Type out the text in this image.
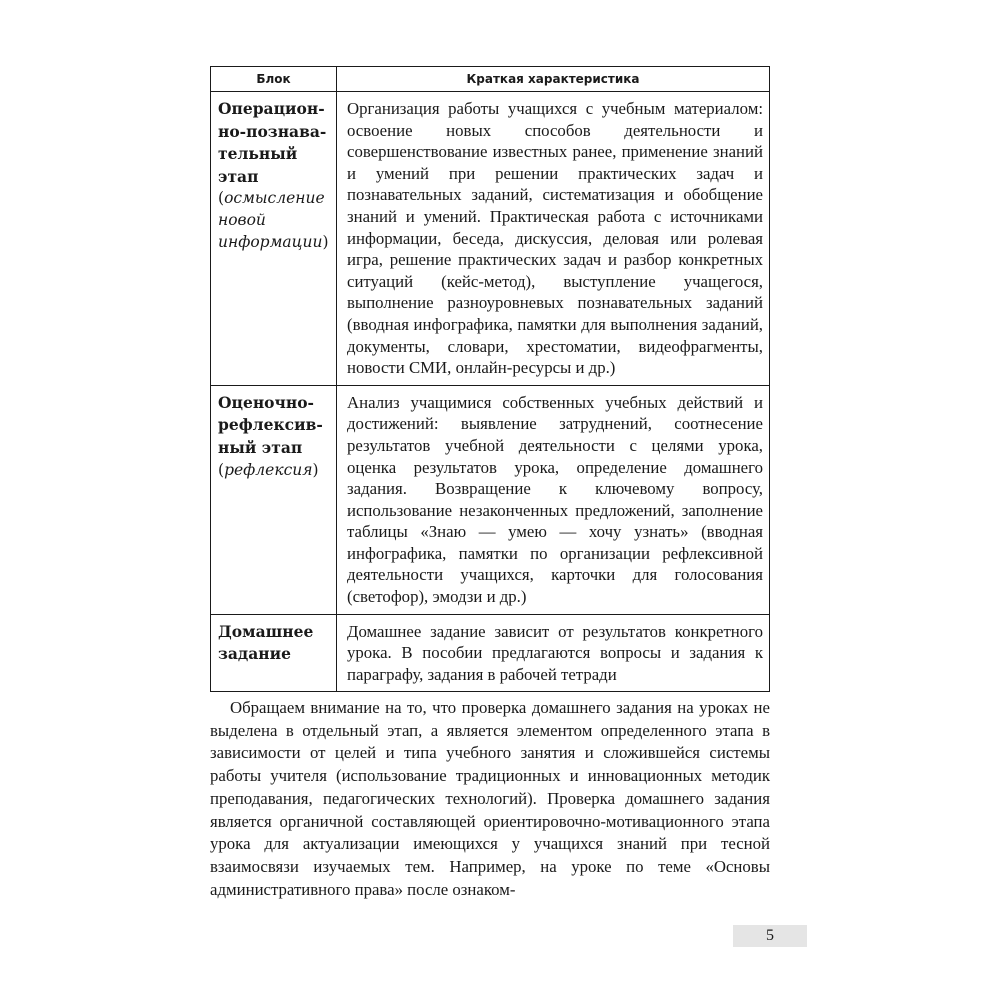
Блок	Краткая характеристика
Операцион-но-познава-тельный этап (осмысление новой информации)	Организация работы учащихся с учебным материалом: освоение новых способов деятельности и совершенствование известных ранее, применение знаний и умений при решении практических задач и познавательных заданий, систематизация и обобщение знаний и умений. Практическая работа с источниками информации, беседа, дискуссия, деловая или ролевая игра, решение практических задач и разбор конкретных ситуаций (кейс-метод), выступление учащегося, выполнение разноуровневых познавательных заданий (вводная инфографика, памятки для выполнения заданий, документы, словари, хрестоматии, видеофрагменты, новости СМИ, онлайн-ресурсы и др.)
Оценочно-рефлексив-ный этап (рефлексия)	Анализ учащимися собственных учебных действий и достижений: выявление затруднений, соотнесение результатов учебной деятельности с целями урока, оценка результатов урока, определение домашнего задания. Возвращение к ключевому вопросу, использование незаконченных предложений, заполнение таблицы «Знаю — умею — хочу узнать» (вводная инфографика, памятки по организации рефлексивной деятельности учащихся, карточки для голосования (светофор), эмодзи и др.)
Домашнее задание	Домашнее задание зависит от результатов конкретного урока. В пособии предлагаются вопросы и задания к параграфу, задания в рабочей тетради

Обращаем внимание на то, что проверка домашнего задания на уроках не выделена в отдельный этап, а является элементом определенного этапа в зависимости от целей и типа учебного занятия и сложившейся системы работы учителя (использование традиционных и инновационных методик преподавания, педагогических технологий). Проверка домашнего задания является органичной составляющей ориентировочно-мотивационного этапа урока для актуализации имеющихся у учащихся знаний при тесной взаимосвязи изучаемых тем. Например, на уроке по теме «Основы административного права» после ознаком-

5
